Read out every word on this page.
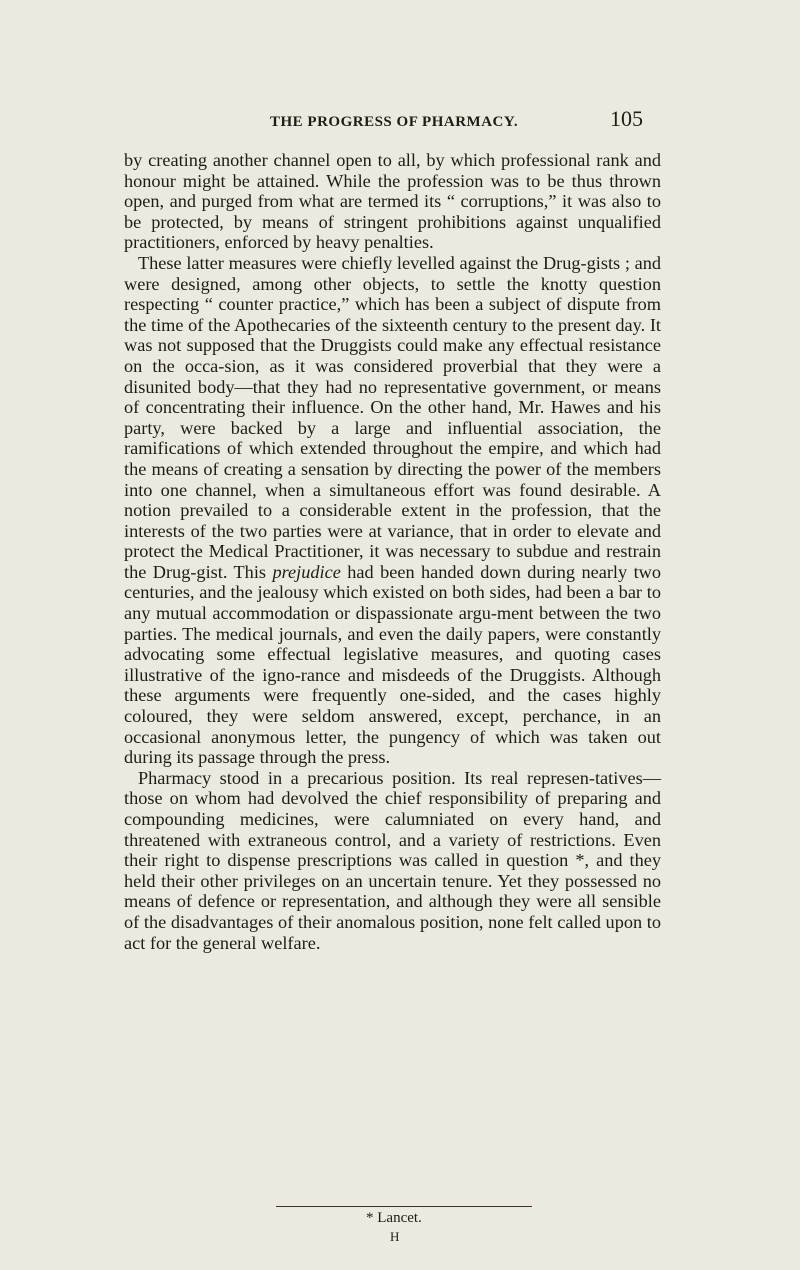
THE PROGRESS OF PHARMACY.	105

by creating another channel open to all, by which professional rank and honour might be attained. While the profession was to be thus thrown open, and purged from what are termed its “ corruptions,” it was also to be protected, by means of stringent prohibitions against unqualified practitioners, enforced by heavy penalties.

These latter measures were chiefly levelled against the Drug-gists ; and were designed, among other objects, to settle the knotty question respecting “ counter practice,” which has been a subject of dispute from the time of the Apothecaries of the sixteenth century to the present day. It was not supposed that the Druggists could make any effectual resistance on the occa-sion, as it was considered proverbial that they were a disunited body—that they had no representative government, or means of concentrating their influence. On the other hand, Mr. Hawes and his party, were backed by a large and influential association, the ramifications of which extended throughout the empire, and which had the means of creating a sensation by directing the power of the members into one channel, when a simultaneous effort was found desirable. A notion prevailed to a considerable extent in the profession, that the interests of the two parties were at variance, that in order to elevate and protect the Medical Practitioner, it was necessary to subdue and restrain the Drug-gist. This prejudice had been handed down during nearly two centuries, and the jealousy which existed on both sides, had been a bar to any mutual accommodation or dispassionate argu-ment between the two parties. The medical journals, and even the daily papers, were constantly advocating some effectual legislative measures, and quoting cases illustrative of the igno-rance and misdeeds of the Druggists. Although these arguments were frequently one-sided, and the cases highly coloured, they were seldom answered, except, perchance, in an occasional anonymous letter, the pungency of which was taken out during its passage through the press.

Pharmacy stood in a precarious position. Its real represen-tatives—those on whom had devolved the chief responsibility of preparing and compounding medicines, were calumniated on every hand, and threatened with extraneous control, and a variety of restrictions. Even their right to dispense prescriptions was called in question *, and they held their other privileges on an uncertain tenure. Yet they possessed no means of defence or representation, and although they were all sensible of the disadvantages of their anomalous position, none felt called upon to act for the general welfare.

* Lancet.
H
